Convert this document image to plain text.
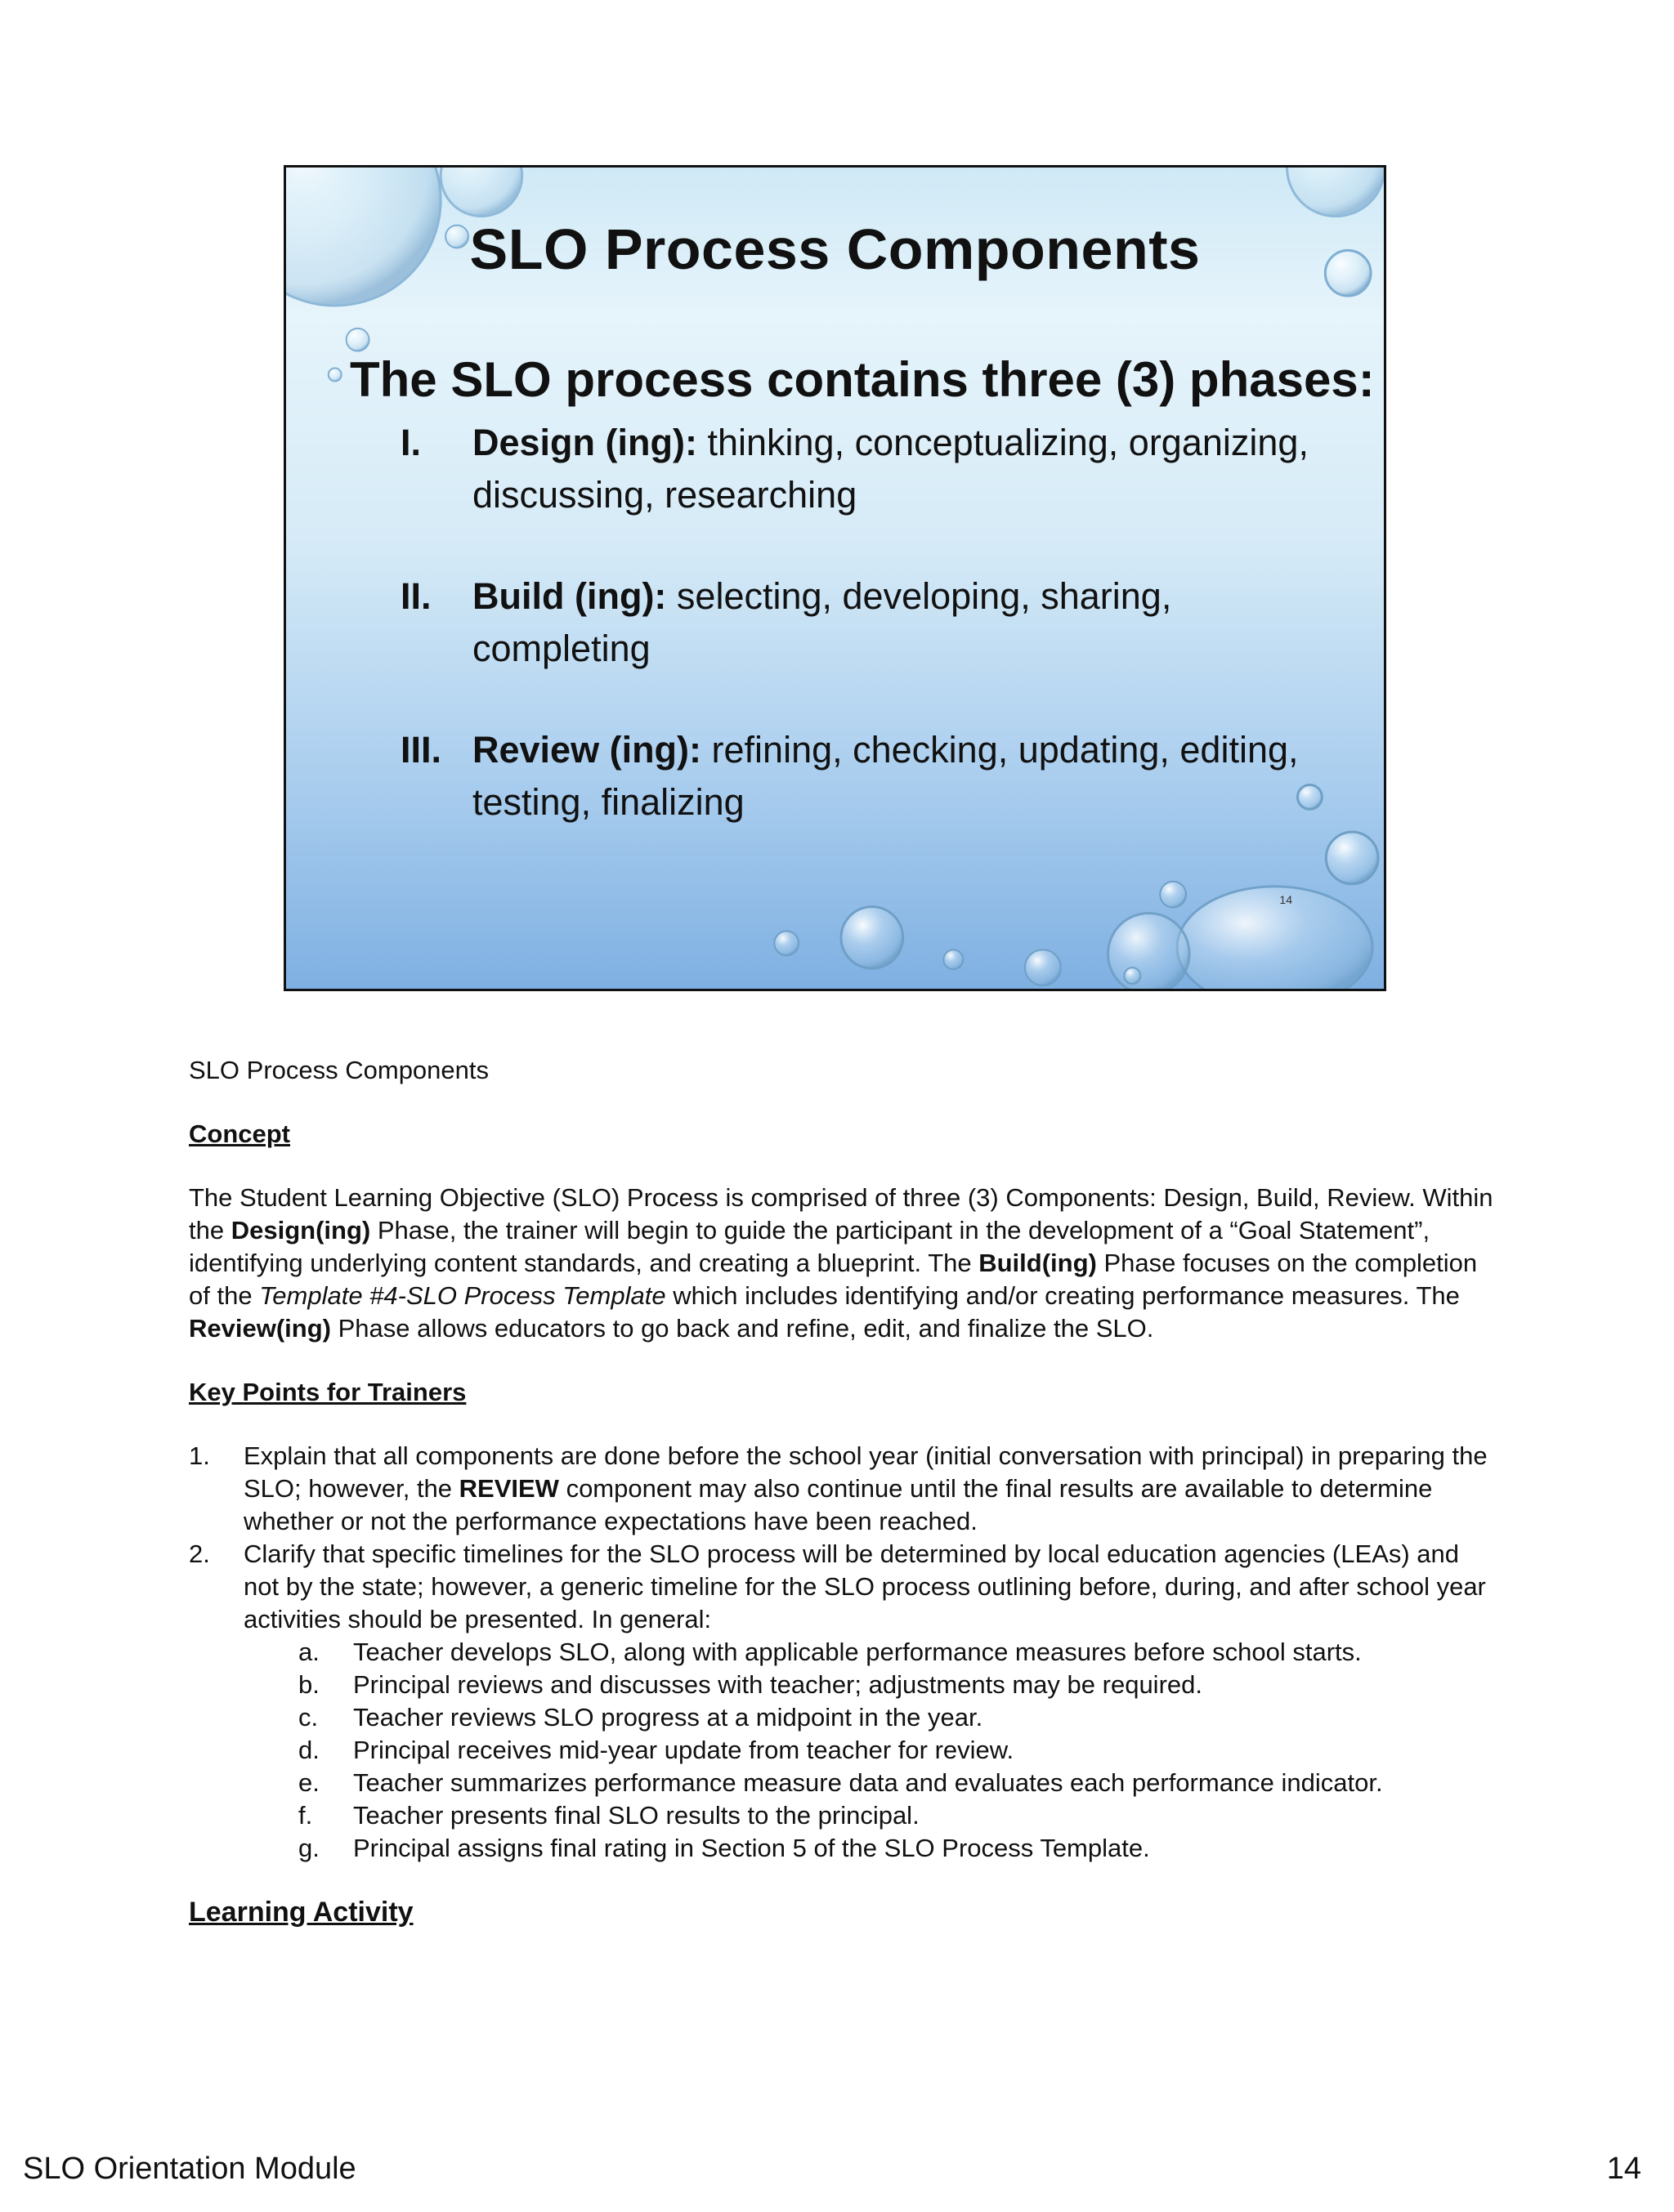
SLO Process Components
The SLO process contains three (3) phases:
I. Design (ing): thinking, conceptualizing, organizing, discussing, researching
II. Build (ing): selecting, developing, sharing, completing
III. Review (ing): refining, checking, updating, editing, testing, finalizing
14

SLO Process Components

Concept

The Student Learning Objective (SLO) Process is comprised of three (3) Components: Design, Build, Review. Within the Design(ing) Phase, the trainer will begin to guide the participant in the development of a “Goal Statement”, identifying underlying content standards, and creating a blueprint. The Build(ing) Phase focuses on the completion of the Template #4-SLO Process Template which includes identifying and/or creating performance measures. The Review(ing) Phase allows educators to go back and refine, edit, and finalize the SLO.

Key Points for Trainers

1. Explain that all components are done before the school year (initial conversation with principal) in preparing the SLO; however, the REVIEW component may also continue until the final results are available to determine whether or not the performance expectations have been reached.
2. Clarify that specific timelines for the SLO process will be determined by local education agencies (LEAs) and not by the state; however, a generic timeline for the SLO process outlining before, during, and after school year activities should be presented. In general:
a. Teacher develops SLO, along with applicable performance measures before school starts.
b. Principal reviews and discusses with teacher; adjustments may be required.
c. Teacher reviews SLO progress at a midpoint in the year.
d. Principal receives mid-year update from teacher for review.
e. Teacher summarizes performance measure data and evaluates each performance indicator.
f. Teacher presents final SLO results to the principal.
g. Principal assigns final rating in Section 5 of the SLO Process Template.

Learning Activity

SLO Orientation Module	14
